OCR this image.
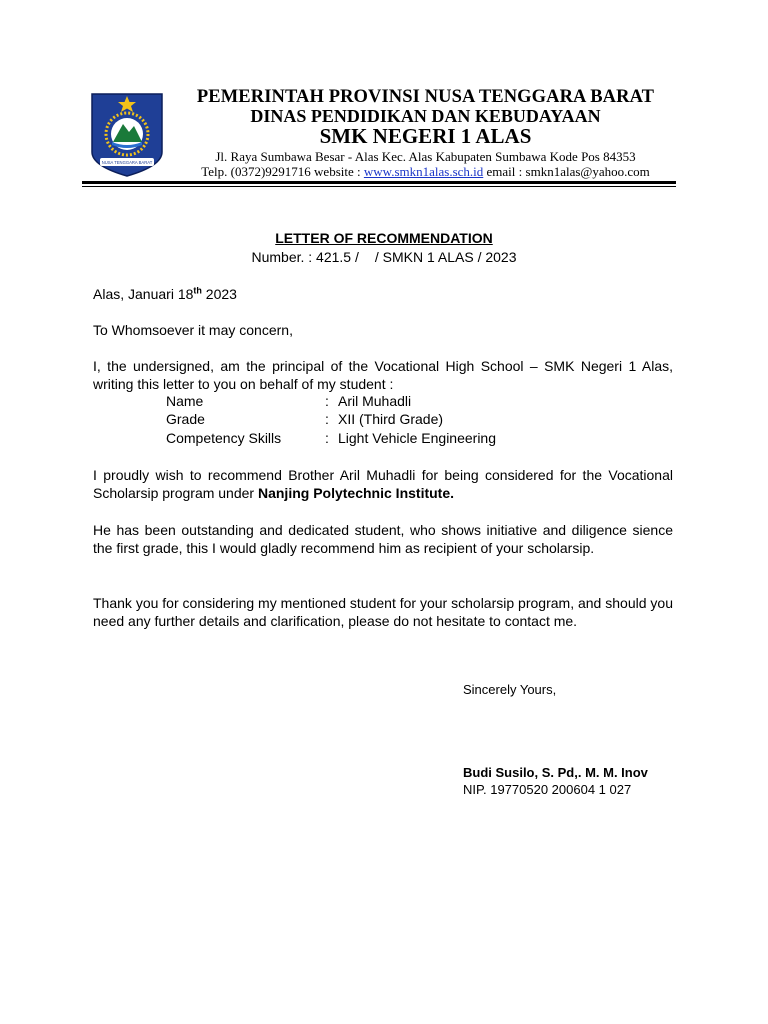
NUSA TENGGARA BARAT
PEMERINTAH PROVINSI NUSA TENGGARA BARAT
DINAS PENDIDIKAN DAN KEBUDAYAAN
SMK NEGERI 1 ALAS
Jl. Raya Sumbawa Besar - Alas Kec. Alas Kabupaten Sumbawa Kode Pos 84353
Telp. (0372)9291716 website : www.smkn1alas.sch.id email : smkn1alas@yahoo.com
LETTER OF RECOMMENDATION
Number. : 421.5 / / SMKN 1 ALAS / 2023
Alas, Januari 18th 2023
To Whomsoever it may concern,
I, the undersigned, am the principal of the Vocational High School – SMK Negeri 1 Alas, writing this letter to you on behalf of my student :
Name	: Aril Muhadli
Grade	: XII (Third Grade)
Competency Skills	: Light Vehicle Engineering
I proudly wish to recommend Brother Aril Muhadli for being considered for the Vocational Scholarsip program under Nanjing Polytechnic Institute.
He has been outstanding and dedicated student, who shows initiative and diligence sience the first grade, this I would gladly recommend him as recipient of your scholarsip.
Thank you for considering my mentioned student for your scholarsip program, and should you need any further details and clarification, please do not hesitate to contact me.
Sincerely Yours,
Budi Susilo, S. Pd,. M. M. Inov
NIP. 19770520 200604 1 027
